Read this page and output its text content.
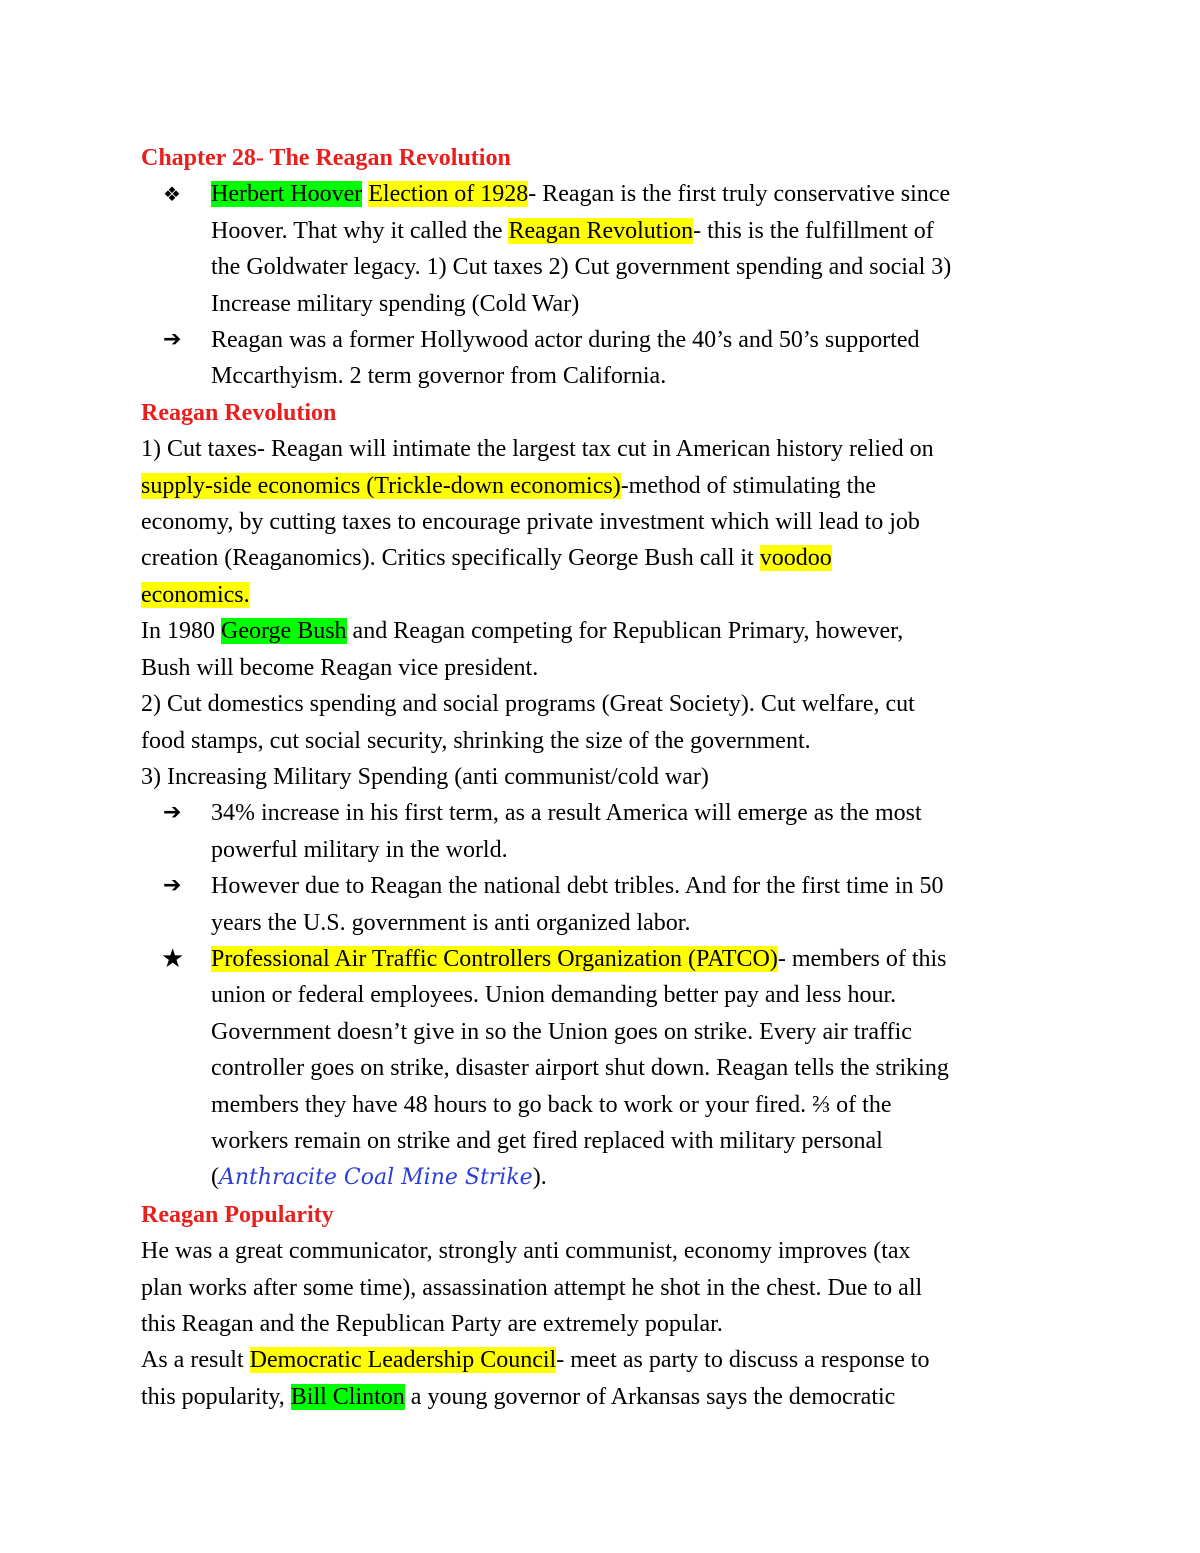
Chapter 28- The Reagan Revolution
❖	Herbert Hoover Election of 1928- Reagan is the first truly conservative since
Hoover. That why it called the Reagan Revolution- this is the fulfillment of
the Goldwater legacy. 1) Cut taxes 2) Cut government spending and social 3)
Increase military spending (Cold War)
➔	Reagan was a former Hollywood actor during the 40’s and 50’s supported
Mccarthyism. 2 term governor from California.
Reagan Revolution
1) Cut taxes- Reagan will intimate the largest tax cut in American history relied on
supply-side economics (Trickle-down economics)-method of stimulating the
economy, by cutting taxes to encourage private investment which will lead to job
creation (Reaganomics). Critics specifically George Bush call it voodoo
economics.
In 1980 George Bush and Reagan competing for Republican Primary, however,
Bush will become Reagan vice president.
2) Cut domestics spending and social programs (Great Society). Cut welfare, cut
food stamps, cut social security, shrinking the size of the government.
3) Increasing Military Spending (anti communist/cold war)
➔	34% increase in his first term, as a result America will emerge as the most
powerful military in the world.
➔	However due to Reagan the national debt tribles. And for the first time in 50
years the U.S. government is anti organized labor.
★	Professional Air Traffic Controllers Organization (PATCO)- members of this
union or federal employees. Union demanding better pay and less hour.
Government doesn’t give in so the Union goes on strike. Every air traffic
controller goes on strike, disaster airport shut down. Reagan tells the striking
members they have 48 hours to go back to work or your fired. ⅔ of the
workers remain on strike and get fired replaced with military personal
(Anthracite Coal Mine Strike).
Reagan Popularity
He was a great communicator, strongly anti communist, economy improves (tax
plan works after some time), assassination attempt he shot in the chest. Due to all
this Reagan and the Republican Party are extremely popular.
As a result Democratic Leadership Council- meet as party to discuss a response to
this popularity, Bill Clinton a young governor of Arkansas says the democratic
